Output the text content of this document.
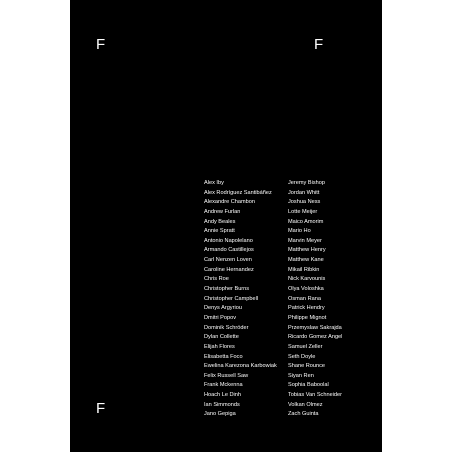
F	F
F
Alex Iby
Alex Rodríguez Santibáñez
Alexandre Chambon
Andrew Furlan
Andy Beales
Annie Spratt
Antonio Napolelano
Armando Castillejos
Carl Nenzen Loven
Caroline Hernandez
Chris Roe
Christopher Burns
Christopher Campbell
Denys Argyriou
Dmitri Popov
Dominik Schröder
Dylan Collette
Elijah Flores
Elisabetta Foco
Ewelina Karezona Karbowiak
Felix Russell Saw
Frank Mckenna
Hoach Le Dinh
Ian Simmonds
Jano Gepiga
Jeremy Bishop
Jordan Whitt
Joshua Ness
Lotte Meijer
Maico Amorim
Mario Ho
Marvin Meyer
Matthew Henry
Matthew Kane
Mikail Ribkin
Nick Karvounis
Olya Voloshka
Osman Rana
Patrick Hendry
Philippe Mignot
Przemyslaw Sakrajda
Ricardo Gomez Angel
Samuel Zeller
Seth Doyle
Shane Rounce
Siyan Ren
Sophia Baboolal
Tobias Van Schneider
Volkan Olmez
Zach Guinta
